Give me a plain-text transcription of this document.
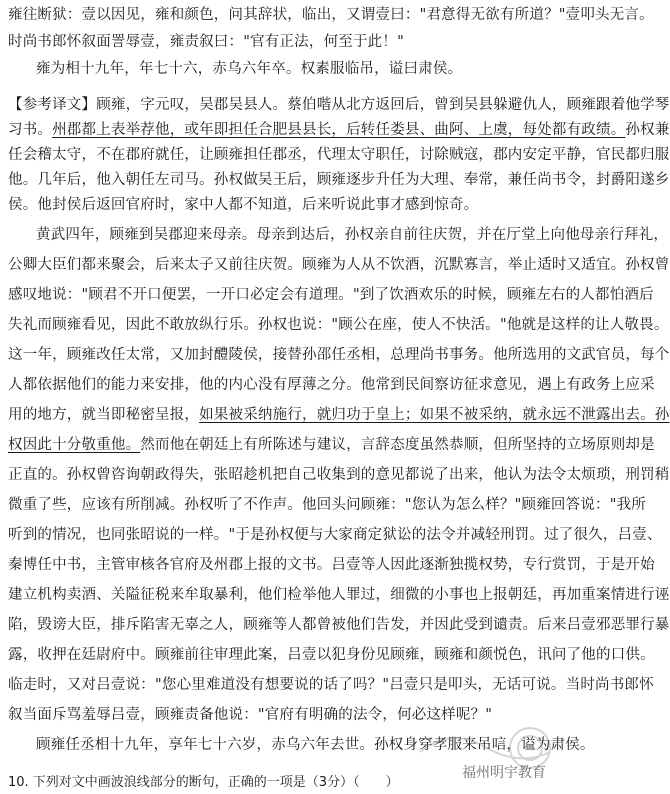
雍往断狱：壹以因见，雍和颜色，问其辞状，临出，又谓壹曰："君意得无欲有所道？"壹叩头无言。
时尚书郎怀叙面詈辱壹，雍责叙曰："官有正法，何至于此！"
雍为相十九年，年七十六，赤乌六年卒。权素服临吊，谥曰肃侯。
【参考译文】顾雍，字元叹，吴郡吴县人。蔡伯喈从北方返回后，曾到吴县躲避仇人，顾雍跟着他学琴
习书。州郡都上表举荐他，或年即担任合肥县县长，后转任娄县、曲阿、上虞，每处都有政绩。孙权兼
任会稽太守，不在郡府就任，让顾雍担任郡丞，代理太守职任，讨除贼寇，郡内安定平静，官民都归服
他。几年后，他入朝任左司马。孙权做吴王后，顾雍逐步升任为大理、奉常，兼任尚书令，封爵阳遂乡
侯。他封侯后返回官府时，家中人都不知道，后来听说此事才感到惊奇。
黄武四年，顾雍到吴郡迎来母亲。母亲到达后，孙权亲自前往庆贺，并在厅堂上向他母亲行拜礼，
公卿大臣们都来聚会，后来太子又前往庆贺。顾雍为人从不饮酒，沉默寡言，举止适时又适宜。孙权曾
感叹地说："顾君不开口便罢，一开口必定会有道理。"到了饮酒欢乐的时候，顾雍左右的人都怕酒后
失礼而顾雍看见，因此不敢放纵行乐。孙权也说："顾公在座，使人不快活。"他就是这样的让人敬畏。
这一年，顾雍改任太常，又加封醴陵侯，接替孙邵任丞相，总理尚书事务。他所选用的文武官员，每个
人都依据他们的能力来安排，他的内心没有厚薄之分。他常到民间察访征求意见，遇上有政务上应采
用的地方，就当即秘密呈报，如果被采纳施行，就归功于皇上；如果不被采纳，就永远不泄露出去。孙
权因此十分敬重他。然而他在朝廷上有所陈述与建议，言辞态度虽然恭顺，但所坚持的立场原则却是
正直的。孙权曾咨询朝政得失，张昭趁机把自己收集到的意见都说了出来，他认为法令太烦琐，刑罚稍
微重了些，应该有所削减。孙权听了不作声。他回头问顾雍："您认为怎么样？"顾雍回答说："我所
听到的情况，也同张昭说的一样。"于是孙权便与大家商定狱讼的法令并减轻刑罚。过了很久，吕壹、
秦博任中书，主管审核各官府及州郡上报的文书。吕壹等人因此逐渐独揽权势，专行赏罚，于是开始
建立机构卖酒、关隘征税来牟取暴利，他们检举他人罪过，细微的小事也上报朝廷，再加重案情进行诬
陷，毁谤大臣，排斥陷害无辜之人，顾雍等人都曾被他们告发，并因此受到谴责。后来吕壹邪恶罪行暴
露，收押在廷尉府中。顾雍前往审理此案，吕壹以犯身份见顾雍，顾雍和颜悦色，讯问了他的口供。
临走时，又对吕壹说："您心里难道没有想要说的话了吗？"吕壹只是叩头，无话可说。当时尚书郎怀
叙当面斥骂羞辱吕壹，顾雍责备他说："官府有明确的法令，何必这样呢？"
顾雍任丞相十九年，享年七十六岁，赤乌六年去世。孙权身穿孝服来吊唁，谥为肃侯。
10. 下列对文中画波浪线部分的断句，正确的一项是（3分）（　　）
福州明宇教育
